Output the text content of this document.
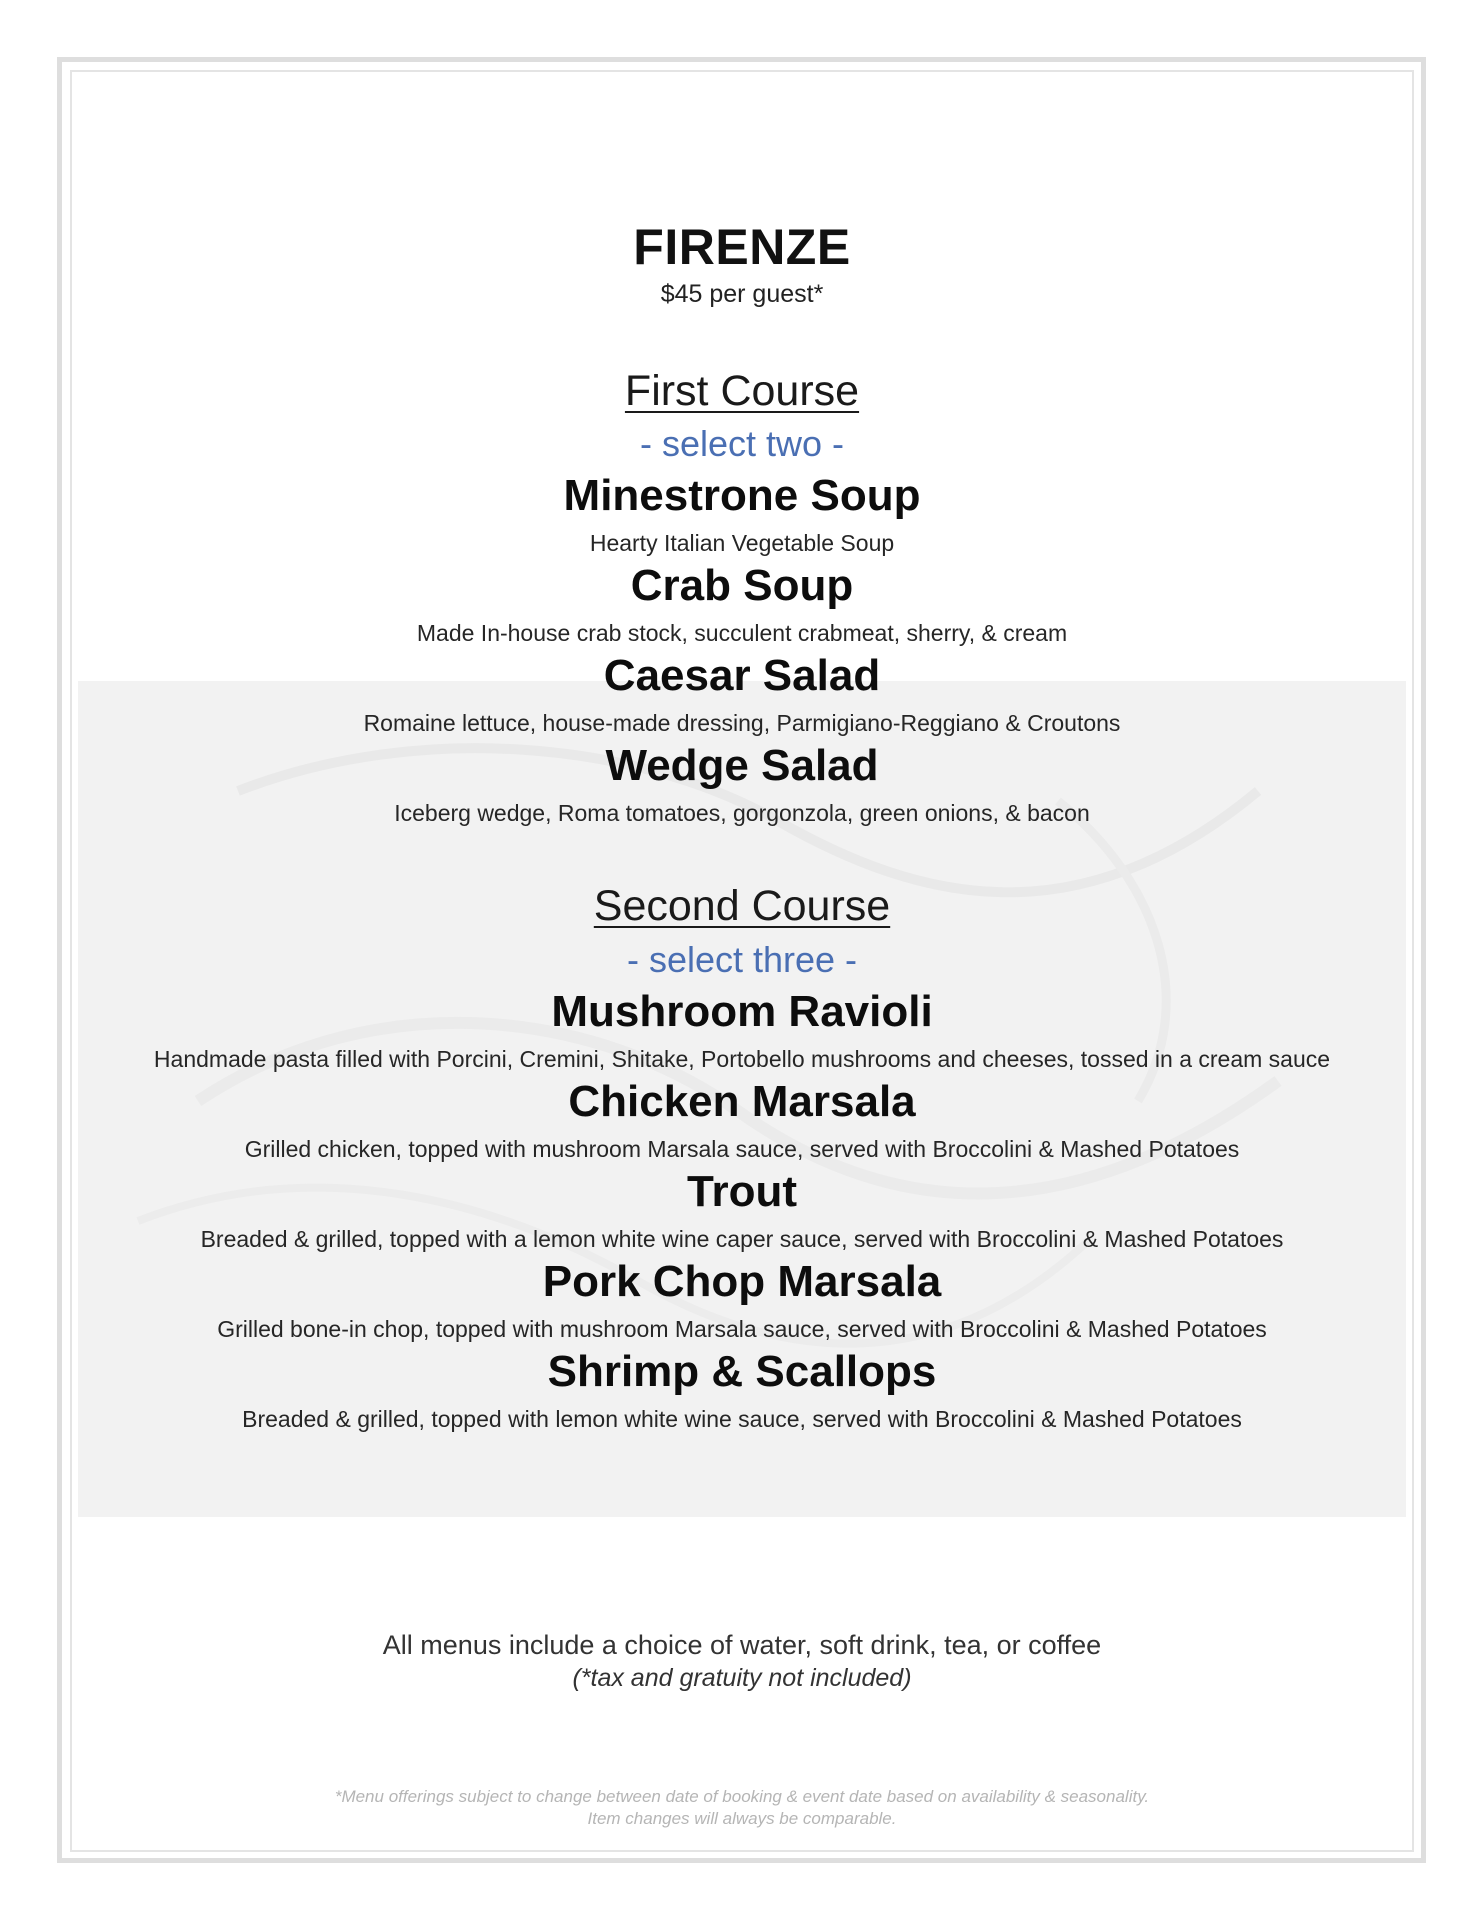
FIRENZE
$45 per guest*
First Course
- select two -
Minestrone Soup
Hearty Italian Vegetable Soup
Crab Soup
Made In-house crab stock, succulent crabmeat, sherry, & cream
Caesar Salad
Romaine lettuce, house-made dressing, Parmigiano-Reggiano & Croutons
Wedge Salad
Iceberg wedge, Roma tomatoes, gorgonzola, green onions, & bacon
Second Course
- select three -
Mushroom Ravioli
Handmade pasta filled with Porcini, Cremini, Shitake, Portobello mushrooms and cheeses, tossed in a cream sauce
Chicken Marsala
Grilled chicken, topped with mushroom Marsala sauce, served with Broccolini & Mashed Potatoes
Trout
Breaded & grilled, topped with a lemon white wine caper sauce, served with Broccolini & Mashed Potatoes
Pork Chop Marsala
Grilled bone-in chop, topped with mushroom Marsala sauce, served with Broccolini & Mashed Potatoes
Shrimp & Scallops
Breaded & grilled, topped with lemon white wine sauce, served with Broccolini & Mashed Potatoes
All menus include a choice of water, soft drink, tea, or coffee
(*tax and gratuity not included)
*Menu offerings subject to change between date of booking & event date based on availability & seasonality.
Item changes will always be comparable.
